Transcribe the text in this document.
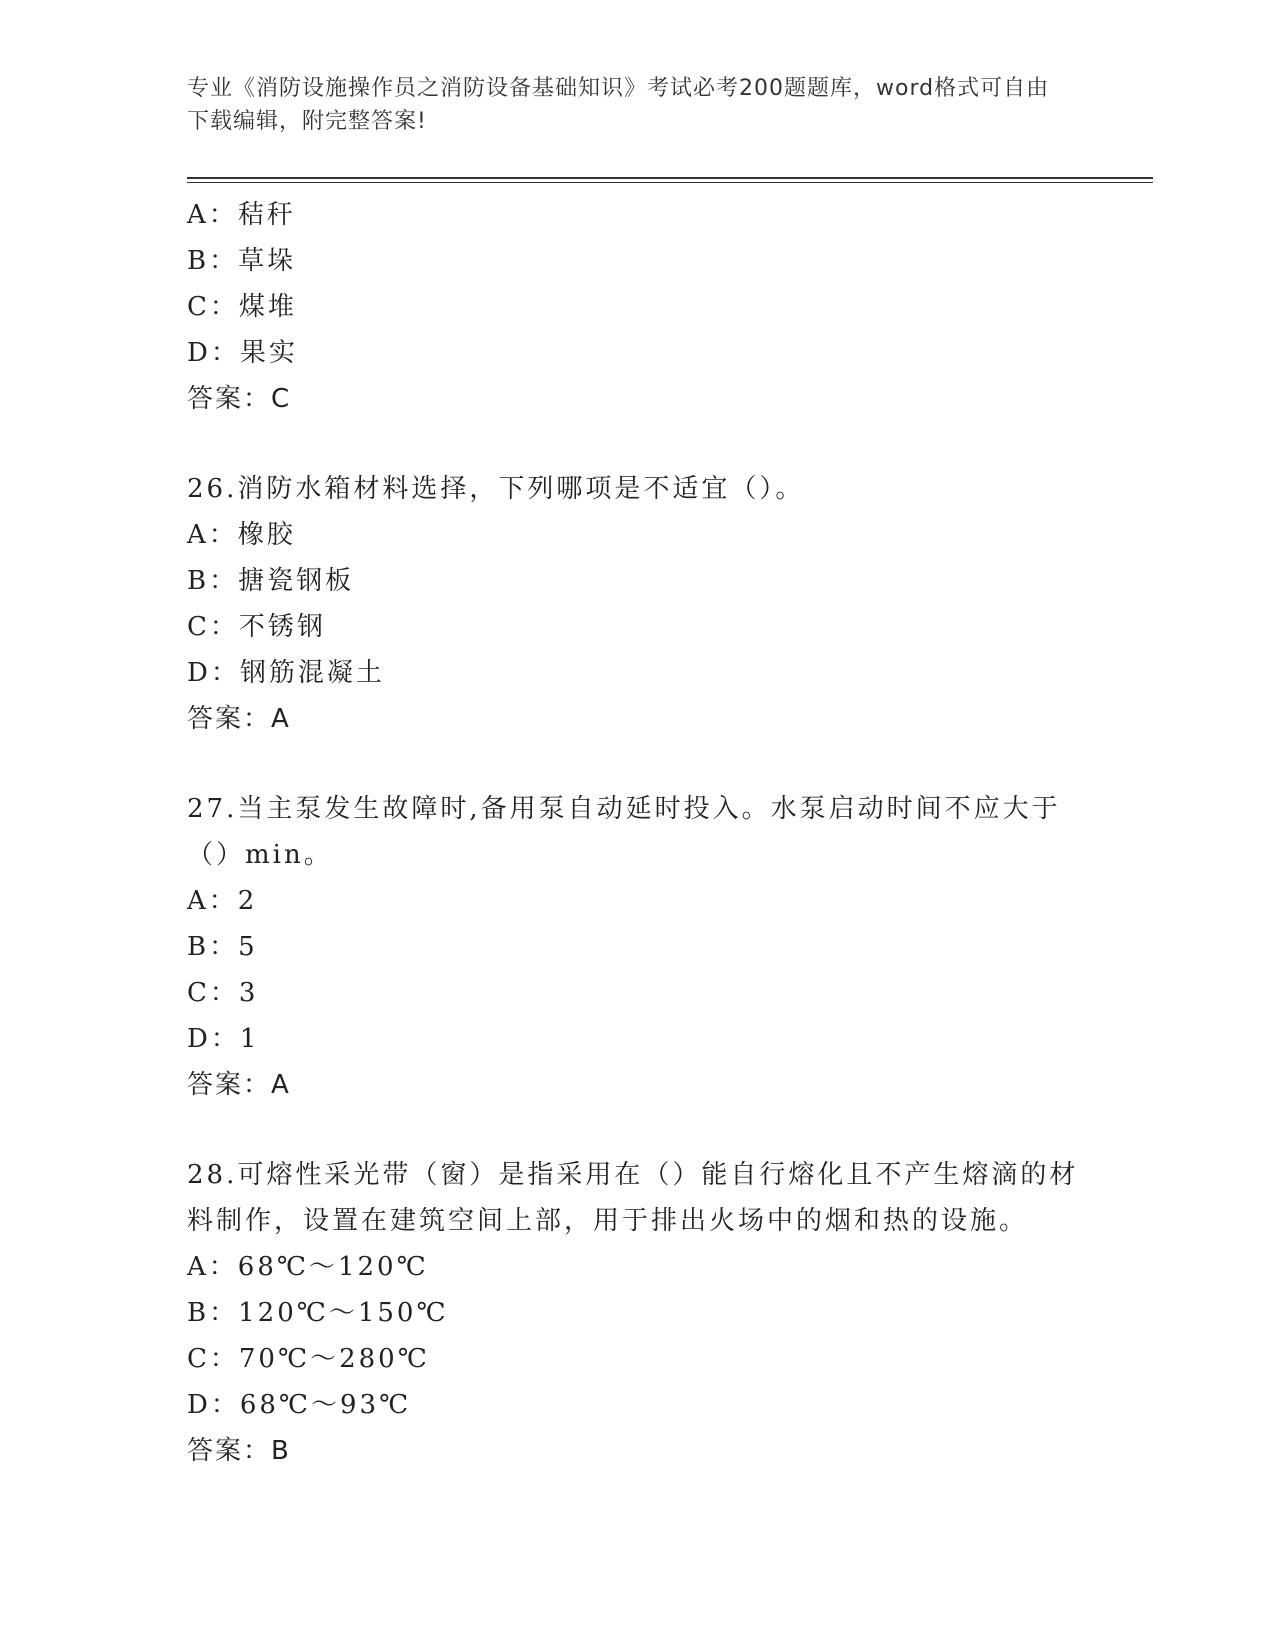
专业《消防设施操作员之消防设备基础知识》考试必考200题题库，word格式可自由下载编辑，附完整答案!
A：秸秆
B：草垛
C：煤堆
D：果实
答案：C
26.消防水箱材料选择，下列哪项是不适宜（）。
A：橡胶
B：搪瓷钢板
C：不锈钢
D：钢筋混凝土
答案：A
27.当主泵发生故障时,备用泵自动延时投入。水泵启动时间不应大于（）min。
A：2
B：5
C：3
D：1
答案：A
28.可熔性采光带（窗）是指采用在（）能自行熔化且不产生熔滴的材料制作，设置在建筑空间上部，用于排出火场中的烟和热的设施。
A：68℃～120℃
B：120℃～150℃
C：70℃～280℃
D：68℃～93℃
答案：B
